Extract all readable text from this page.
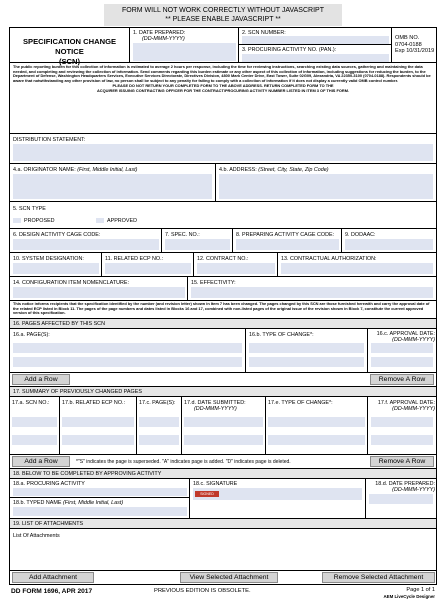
FORM WILL NOT WORK CORRECTLY WITHOUT JAVASCRIPT
** PLEASE ENABLE JAVASCRIPT **
SPECIFICATION CHANGE NOTICE
(SCN)
1. DATE PREPARED:
(DD-MMM-YYYY)
2. SCN NUMBER:
3. PROCURING ACTIVITY NO. (PAN.):
OMB NO.
0704-0188
Exp 10/31/2019
The public reporting burden for this collection of information is estimated to average 2 hours per response, including the time for reviewing instructions, searching existing data sources, gathering and maintaining the data needed, and completing and reviewing the collection of information. Send comments regarding this burden estimate or any other aspect of this collection of information, including suggestions for reducing the burden, to the Department of Defense, Washington Headquarters Services, Executive Services Directorate, Directives Division, 4800 Mark Center Drive, East Tower, Suite 02G09, Alexandria, VA 22350-3100 (0704-0188). Respondents should be aware that notwithstanding any other provision of law, no person shall be subject to any penalty for failing to comply with a collection of information if it does not display a currently valid OMB control number.
PLEASE DO NOT RETURN YOUR COMPLETED FORM TO THE ABOVE ADDRESS. RETURN COMPLETED FORM TO THE
ACQUIRER ISSUING CONTRACTING OFFICER FOR THE CONTRACT/PROCURING ACTIVITY NUMBER LISTED IN ITEM 3 OF THIS FORM.
DISTRIBUTION STATEMENT:
4.a. ORIGINATOR NAME: (First, Middle Initial, Last)	4.b. ADDRESS: (Street, City, State, Zip Code)
5. SCN TYPE
PROPOSED	APPROVED
6. DESIGN ACTIVITY CAGE CODE:	7. SPEC. NO.:	8. PREPARING ACTIVITY CAGE CODE: 9. DODAAC:
10. SYSTEM DESIGNATION:	11. RELATED ECP NO.:	12. CONTRACT NO.:	13. CONTRACTUAL AUTHORIZATION:
14. CONFIGURATION ITEM NOMENCLATURE:	15. EFFECTIVITY:
This notice informs recipients that the specification identified by the number (and revision letter) shown in Item 7 has been changed. The pages changed by this SCN are those furnished herewith and carry the approval date of the related ECP listed in Block 11. The pages of the page numbers and dates listed in Blocks 16 and 17, combined with non-listed pages of the original issue of the revision shown in Block 7, constitute the current approved version of this specification.
16. PAGES AFFECTED BY THIS SCN
16.a. PAGE(S):	16.b. TYPE OF CHANGE*:	16.c. APPROVAL DATE:
(DD-MMM-YYYY)
Add a Row	Remove A Row
17. SUMMARY OF PREVIOUSLY CHANGED PAGES
17.a. SCN NO.: 17.b. RELATED ECP NO.:	17.c. PAGE(S): 17.d. DATE SUBMITTED:
(DD-MMM-YYYY)
17.e. TYPE OF CHANGE*:	17.f. APPROVAL DATE:
(DD-MMM-YYYY)
Add a Row	*"S" indicates the page is superseded. "A" indicates page is added. "D" indicates page is deleted.	Remove A Row
18. BELOW TO BE COMPLETED BY APPROVING ACTIVITY
18.a. PROCURING ACTIVITY
18.b. TYPED NAME (First, Middle Initial, Last)
18.c. SIGNATURE
SIGNED
18.d. DATE PREPARED:
(DD-MMM-YYYY)
19. LIST OF ATTACHMENTS
List Of Attachments
Add Attachment	View Selected Attachment	Remove Selected Attachment
DD FORM 1696, APR 2017	PREVIOUS EDITION IS OBSOLETE.	Page 1 of 1
AEM LiveCycle Designer
